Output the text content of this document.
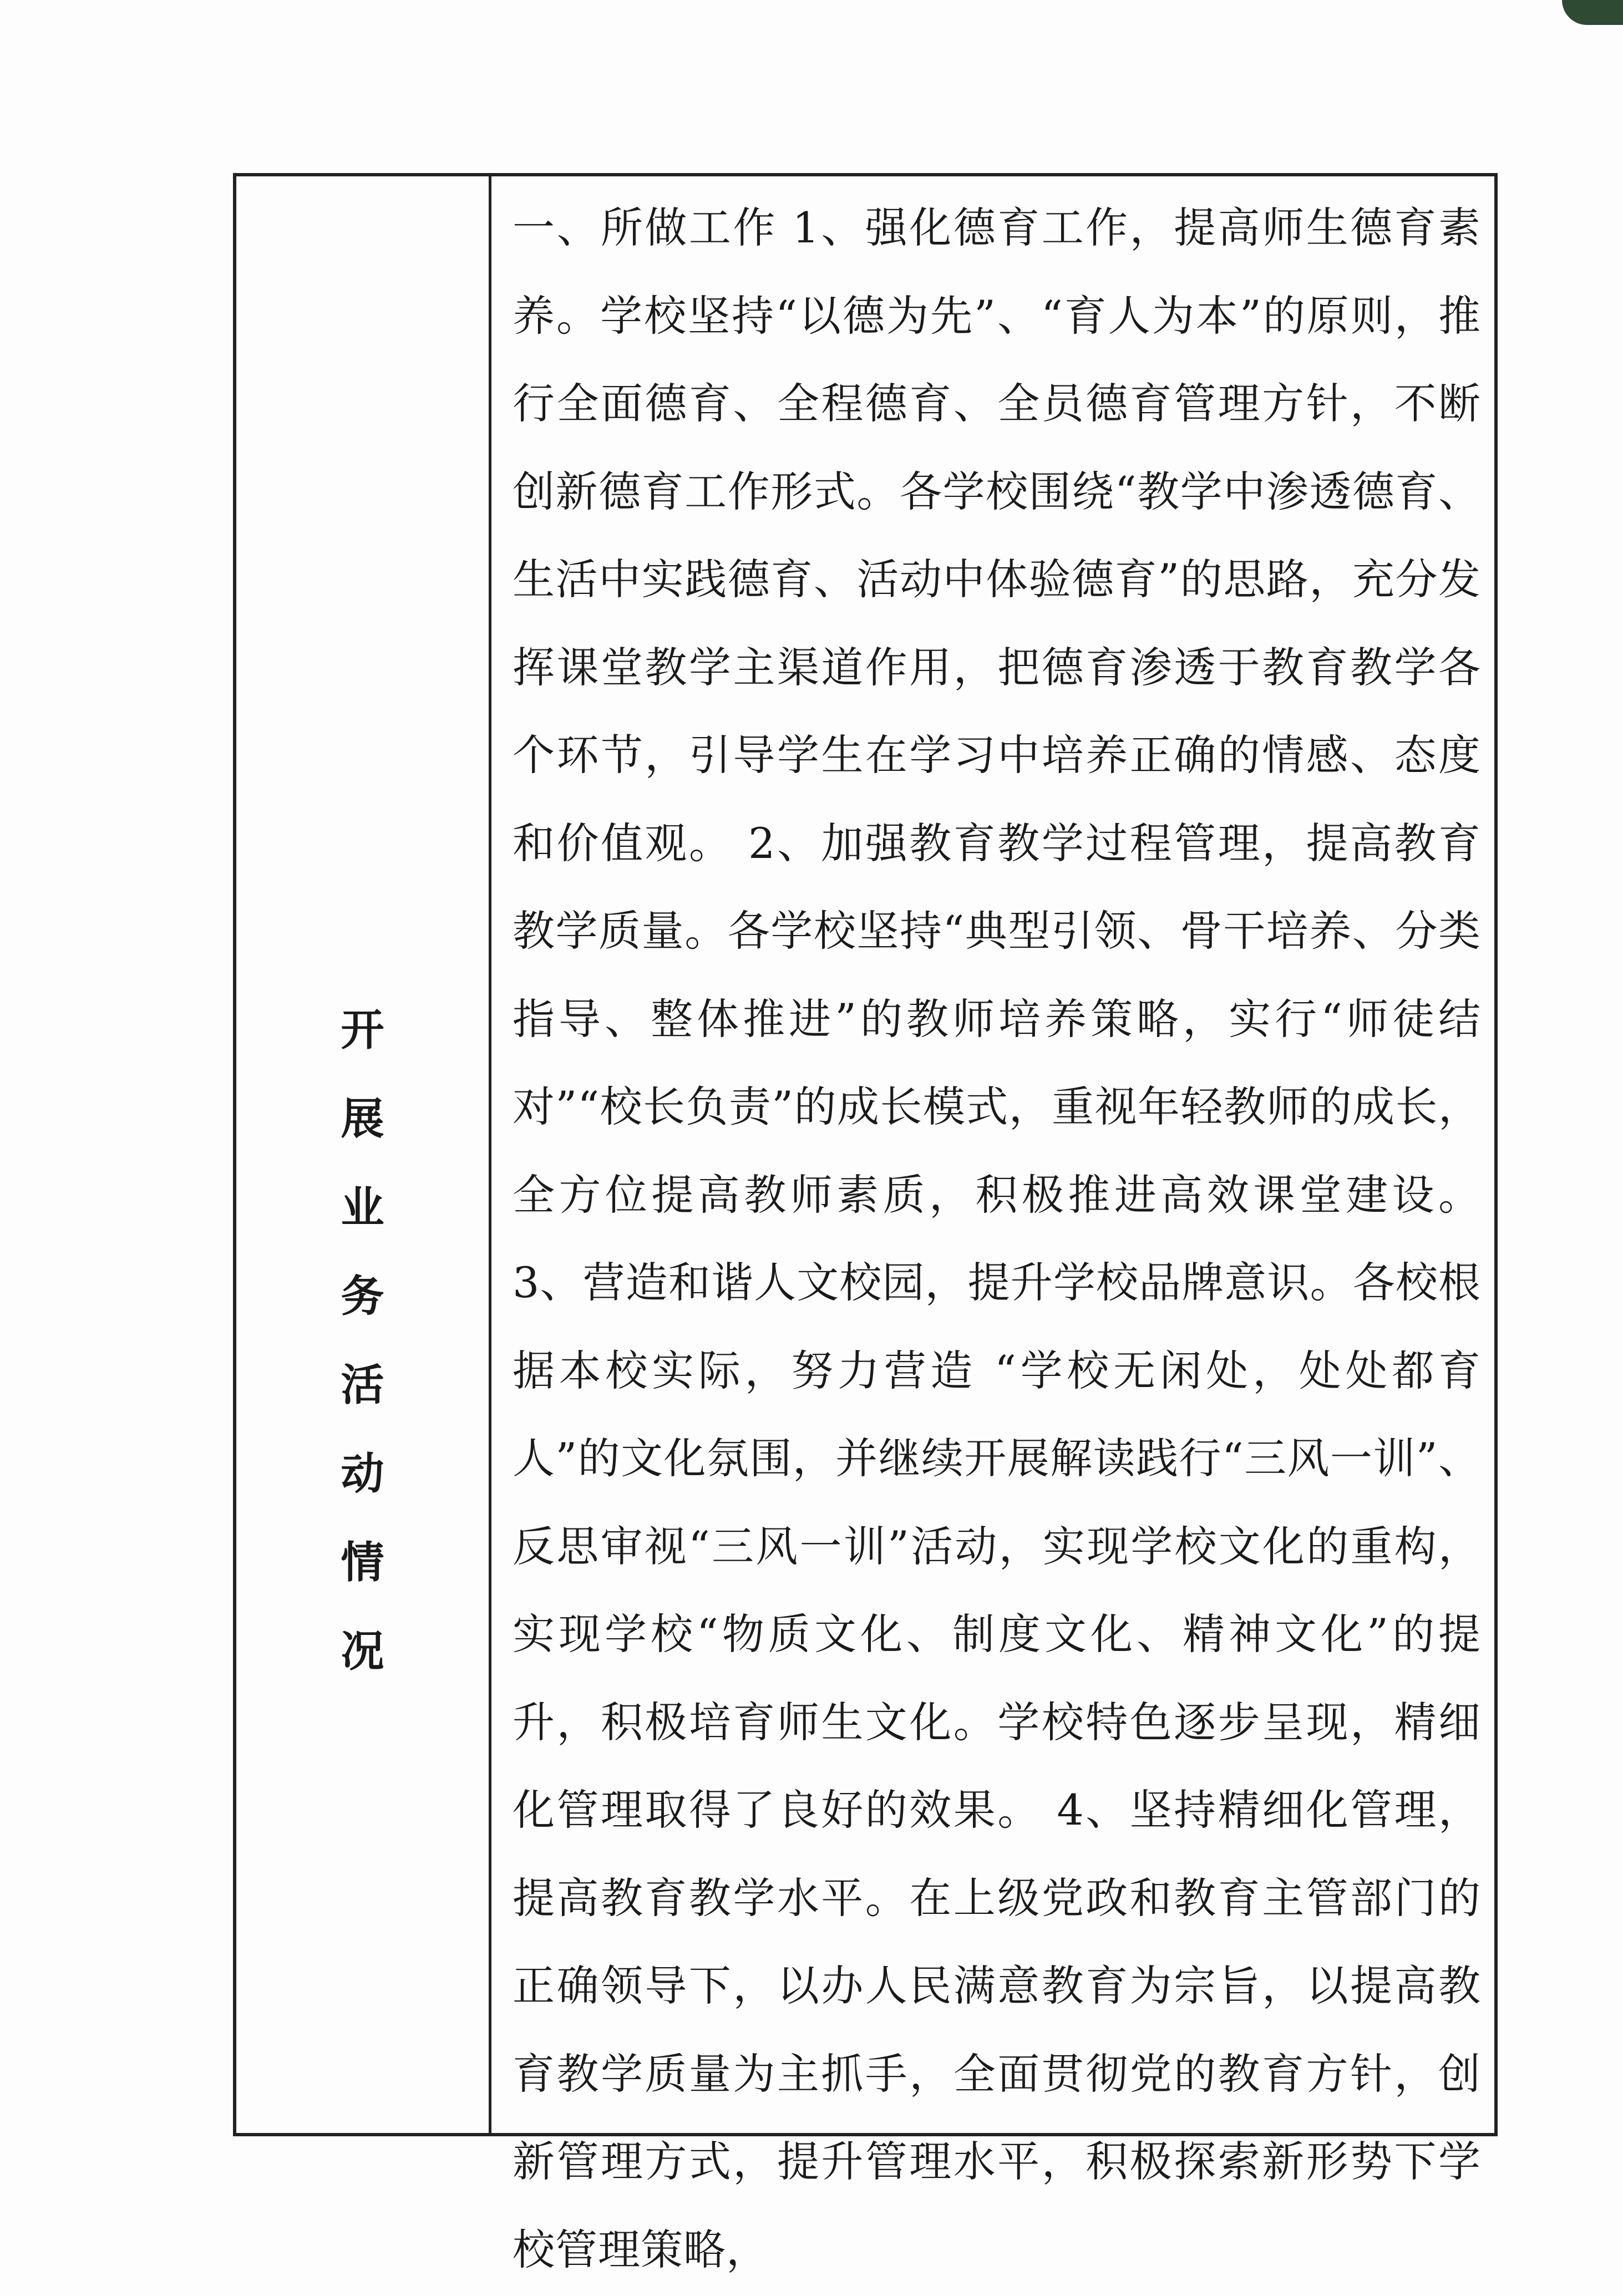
开展业务活动情况

一、所做工作 1、强化德育工作，提高师生德育素养。学校坚持“以德为先”、“育人为本”的原则，推行全面德育、全程德育、全员德育管理方针，不断创新德育工作形式。各学校围绕“教学中渗透德育、生活中实践德育、活动中体验德育”的思路，充分发挥课堂教学主渠道作用，把德育渗透于教育教学各个环节，引导学生在学习中培养正确的情感、态度和价值观。 2、加强教育教学过程管理，提高教育教学质量。各学校坚持“典型引领、骨干培养、分类指导、整体推进”的教师培养策略，实行“师徒结对”“校长负责”的成长模式，重视年轻教师的成长，全方位提高教师素质，积极推进高效课堂建设。 3、营造和谐人文校园，提升学校品牌意识。各校根据本校实际，努力营造 “学校无闲处，处处都育人”的文化氛围，并继续开展解读践行“三风一训”、反思审视“三风一训”活动，实现学校文化的重构，实现学校“物质文化、制度文化、精神文化”的提升，积极培育师生文化。学校特色逐步呈现，精细化管理取得了良好的效果。 4、坚持精细化管理，提高教育教学水平。在上级党政和教育主管部门的正确领导下，以办人民满意教育为宗旨，以提高教育教学质量为主抓手，全面贯彻党的教育方针，创新管理方式，提升管理水平，积极探索新形势下学校管理策略，
